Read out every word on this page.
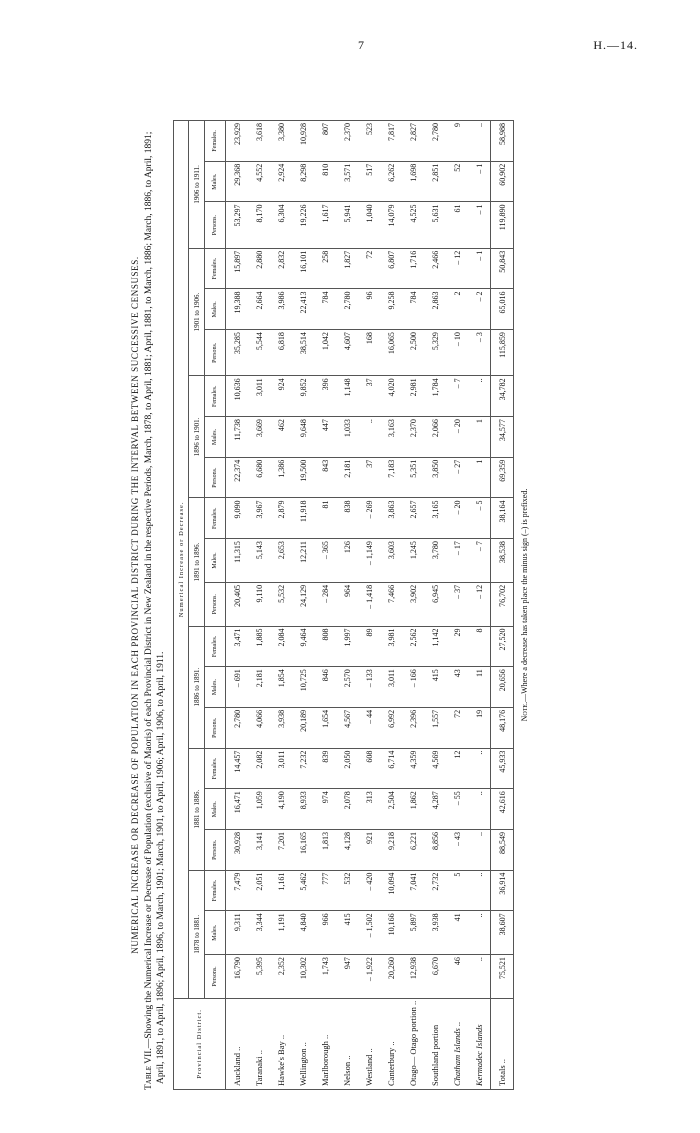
7	H.—14.
NUMERICAL INCREASE OR DECREASE OF POPULATION IN EACH PROVINCIAL DISTRICT DURING THE INTERVAL BETWEEN SUCCESSIVE CENSUSES.
Table VII.—Showing the Numerical Increase or Decrease of Population (exclusive of Maoris) of each Provincial District in New Zealand in the respective Periods, March, 1878, to April, 1881; April, 1881, to March, 1886; March, 1886, to April, 1891; April, 1891, to April, 1896; April, 1896, to March, 1901; March, 1901, to April, 1906; April, 1906, to April, 1911.	Provincial District.	Numerical Increase or Decrease.																				
	1878 to 1881.			1881 to 1886.			1886 to 1891.			1891 to 1896.			1896 to 1901.			1901 to 1906.			1906 to 1911.		
	Persons.	Males.	Females.	Persons.	Males.	Females.	Persons.	Males.	Females.	Persons.	Males.	Females.	Persons.	Males.	Females.	Persons.	Males.	Females.	Persons.	Males.	Females.
Auckland ..	16,790	9,311	7,479	30,928	16,471	14,457	2,780	– 691	3,471	20,405	11,315	9,090	22,374	11,738	10,636	35,285	19,388	15,897	53,297	29,368	23,929
Taranaki ..	5,395	3,344	2,051	3,141	1,059	2,082	4,066	2,181	1,885	9,110	5,143	3,967	6,680	3,669	3,011	5,544	2,664	2,880	8,170	4,552	3,618
Hawke's Bay ..	2,352	1,191	1,161	7,201	4,190	3,011	3,938	1,854	2,084	5,532	2,653	2,879	1,386	462	924	6,818	3,986	2,832	6,304	2,924	3,380
Wellington ..	10,302	4,840	5,462	16,165	8,933	7,232	20,189	10,725	9,464	24,129	12,211	11,918	19,500	9,648	9,852	38,514	22,413	16,101	19,226	8,298	10,928
Marlborough ..	1,743	966	777	1,813	974	839	1,654	846	808	– 284	– 365	81	843	447	396	1,042	784	258	1,617	810	807
Nelson ..	947	415	532	4,128	2,078	2,050	4,567	2,570	1,997	964	126	838	2,181	1,033	1,148	4,607	2,780	1,827	5,941	3,571	2,370
Westland ..	– 1,922	– 1,502	– 420	921	313	608	– 44	– 133	89	– 1,418	– 1,149	– 269	37	..	37	168	96	72	1,040	517	523
Canterbury ..	20,260	10,166	10,094	9,218	2,504	6,714	6,992	3,011	3,981	7,466	3,603	3,863	7,183	3,163	4,020	16,065	9,258	6,807	14,079	6,262	7,817
Otago— Otago portion ..	12,938	5,897	7,041	6,221	1,862	4,359	2,396	– 166	2,562	3,902	1,245	2,657	5,351	2,370	2,981	2,500	784	1,716	4,525	1,698	2,827
Southland portion	6,670	3,938	2,732	8,856	4,287	4,569	1,557	415	1,142	6,945	3,780	3,165	3,850	2,066	1,784	5,329	2,863	2,466	5,631	2,851	2,780
Chatham Islands ..	46	41	5	– 43	– 55	12	72	43	29	– 37	– 17	– 20	– 27	– 20	– 7	– 10	2	– 12	61	52	9
Kermadec Islands	..	..	..	..	..	..	19	11	8	– 12	– 7	– 5	1	1	..	– 3	– 2	– 1	– 1	– 1	..
Totals ..	75,521	38,607	36,914	88,549	42,616	45,933	48,176	20,656	27,520	76,702	38,538	38,164	69,359	34,577	34,782	115,859	65,016	50,843	119,890	60,902	58,988
Note.—Where a decrease has taken place the minus sign (–) is prefixed.
